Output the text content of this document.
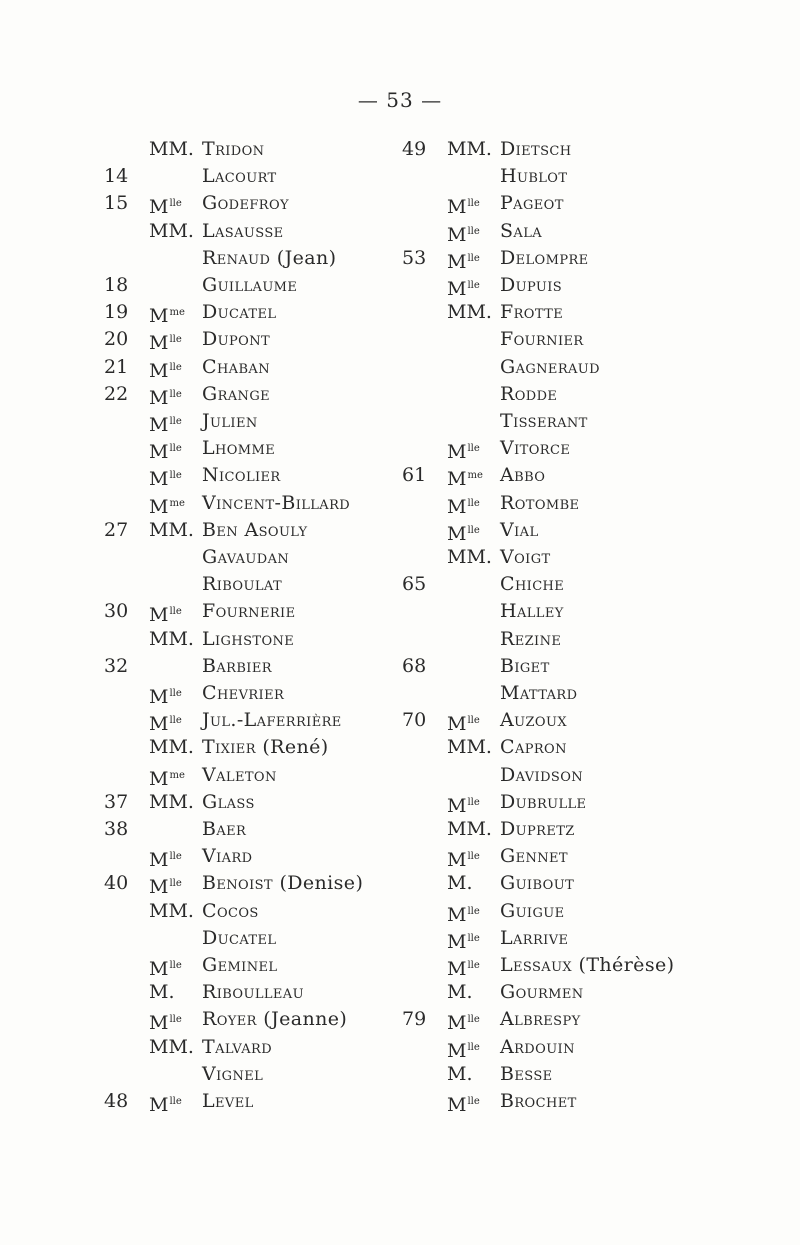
— 53 —
MM. Tridon
14	Lacourt
15	$M^{lle}$ Godefroy
MM. Lasausse
Renaud (Jean)
18	Guillaume
19	$M^{me}$ Ducatel
20	$M^{lle}$ Dupont
21	$M^{lle}$ Chaban
22	$M^{lle}$ Grange
$M^{lle}$ Julien
$M^{lle}$ Lhomme
$M^{lle}$ Nicolier
$M^{me}$ Vincent-Billard
27	MM. Ben Asouly
Gavaudan
Riboulat
30	$M^{lle}$ Fournerie
MM. Lighstone
32	Barbier
$M^{lle}$ Chevrier
$M^{lle}$ Jul.-Laferrière
MM. Tixier (René)
$M^{me}$ Valeton
37	MM. Glass
38	Baer
$M^{lle}$ Viard
40	$M^{lle}$ Benoist (Denise)
MM. Cocos
Ducatel
$M^{lle}$ Geminel
M. Riboulleau
$M^{lle}$ Royer (Jeanne)
MM. Talvard
Vignel
48	$M^{lle}$ Level
49	MM. Dietsch
Hublot
$M^{lle}$ Pageot
$M^{lle}$ Sala
53	$M^{lle}$ Delompre
$M^{lle}$ Dupuis
MM. Frotte
Fournier
Gagneraud
Rodde
Tisserant
$M^{lle}$ Vitorce
61	$M^{me}$ Abbo
$M^{lle}$ Rotombe
$M^{lle}$ Vial
MM. Voigt
65	Chiche
Halley
Rezine
68	Biget
Mattard
70	$M^{lle}$ Auzoux
MM. Capron
Davidson
$M^{lle}$ Dubrulle
MM. Dupretz
$M^{lle}$ Gennet
M. Guibout
$M^{lle}$ Guigue
$M^{lle}$ Larrive
$M^{lle}$ Lessaux (Thérèse)
M. Gourmen
79	$M^{lle}$ Albrespy
$M^{lle}$ Ardouin
M. Besse
$M^{lle}$ Brochet
